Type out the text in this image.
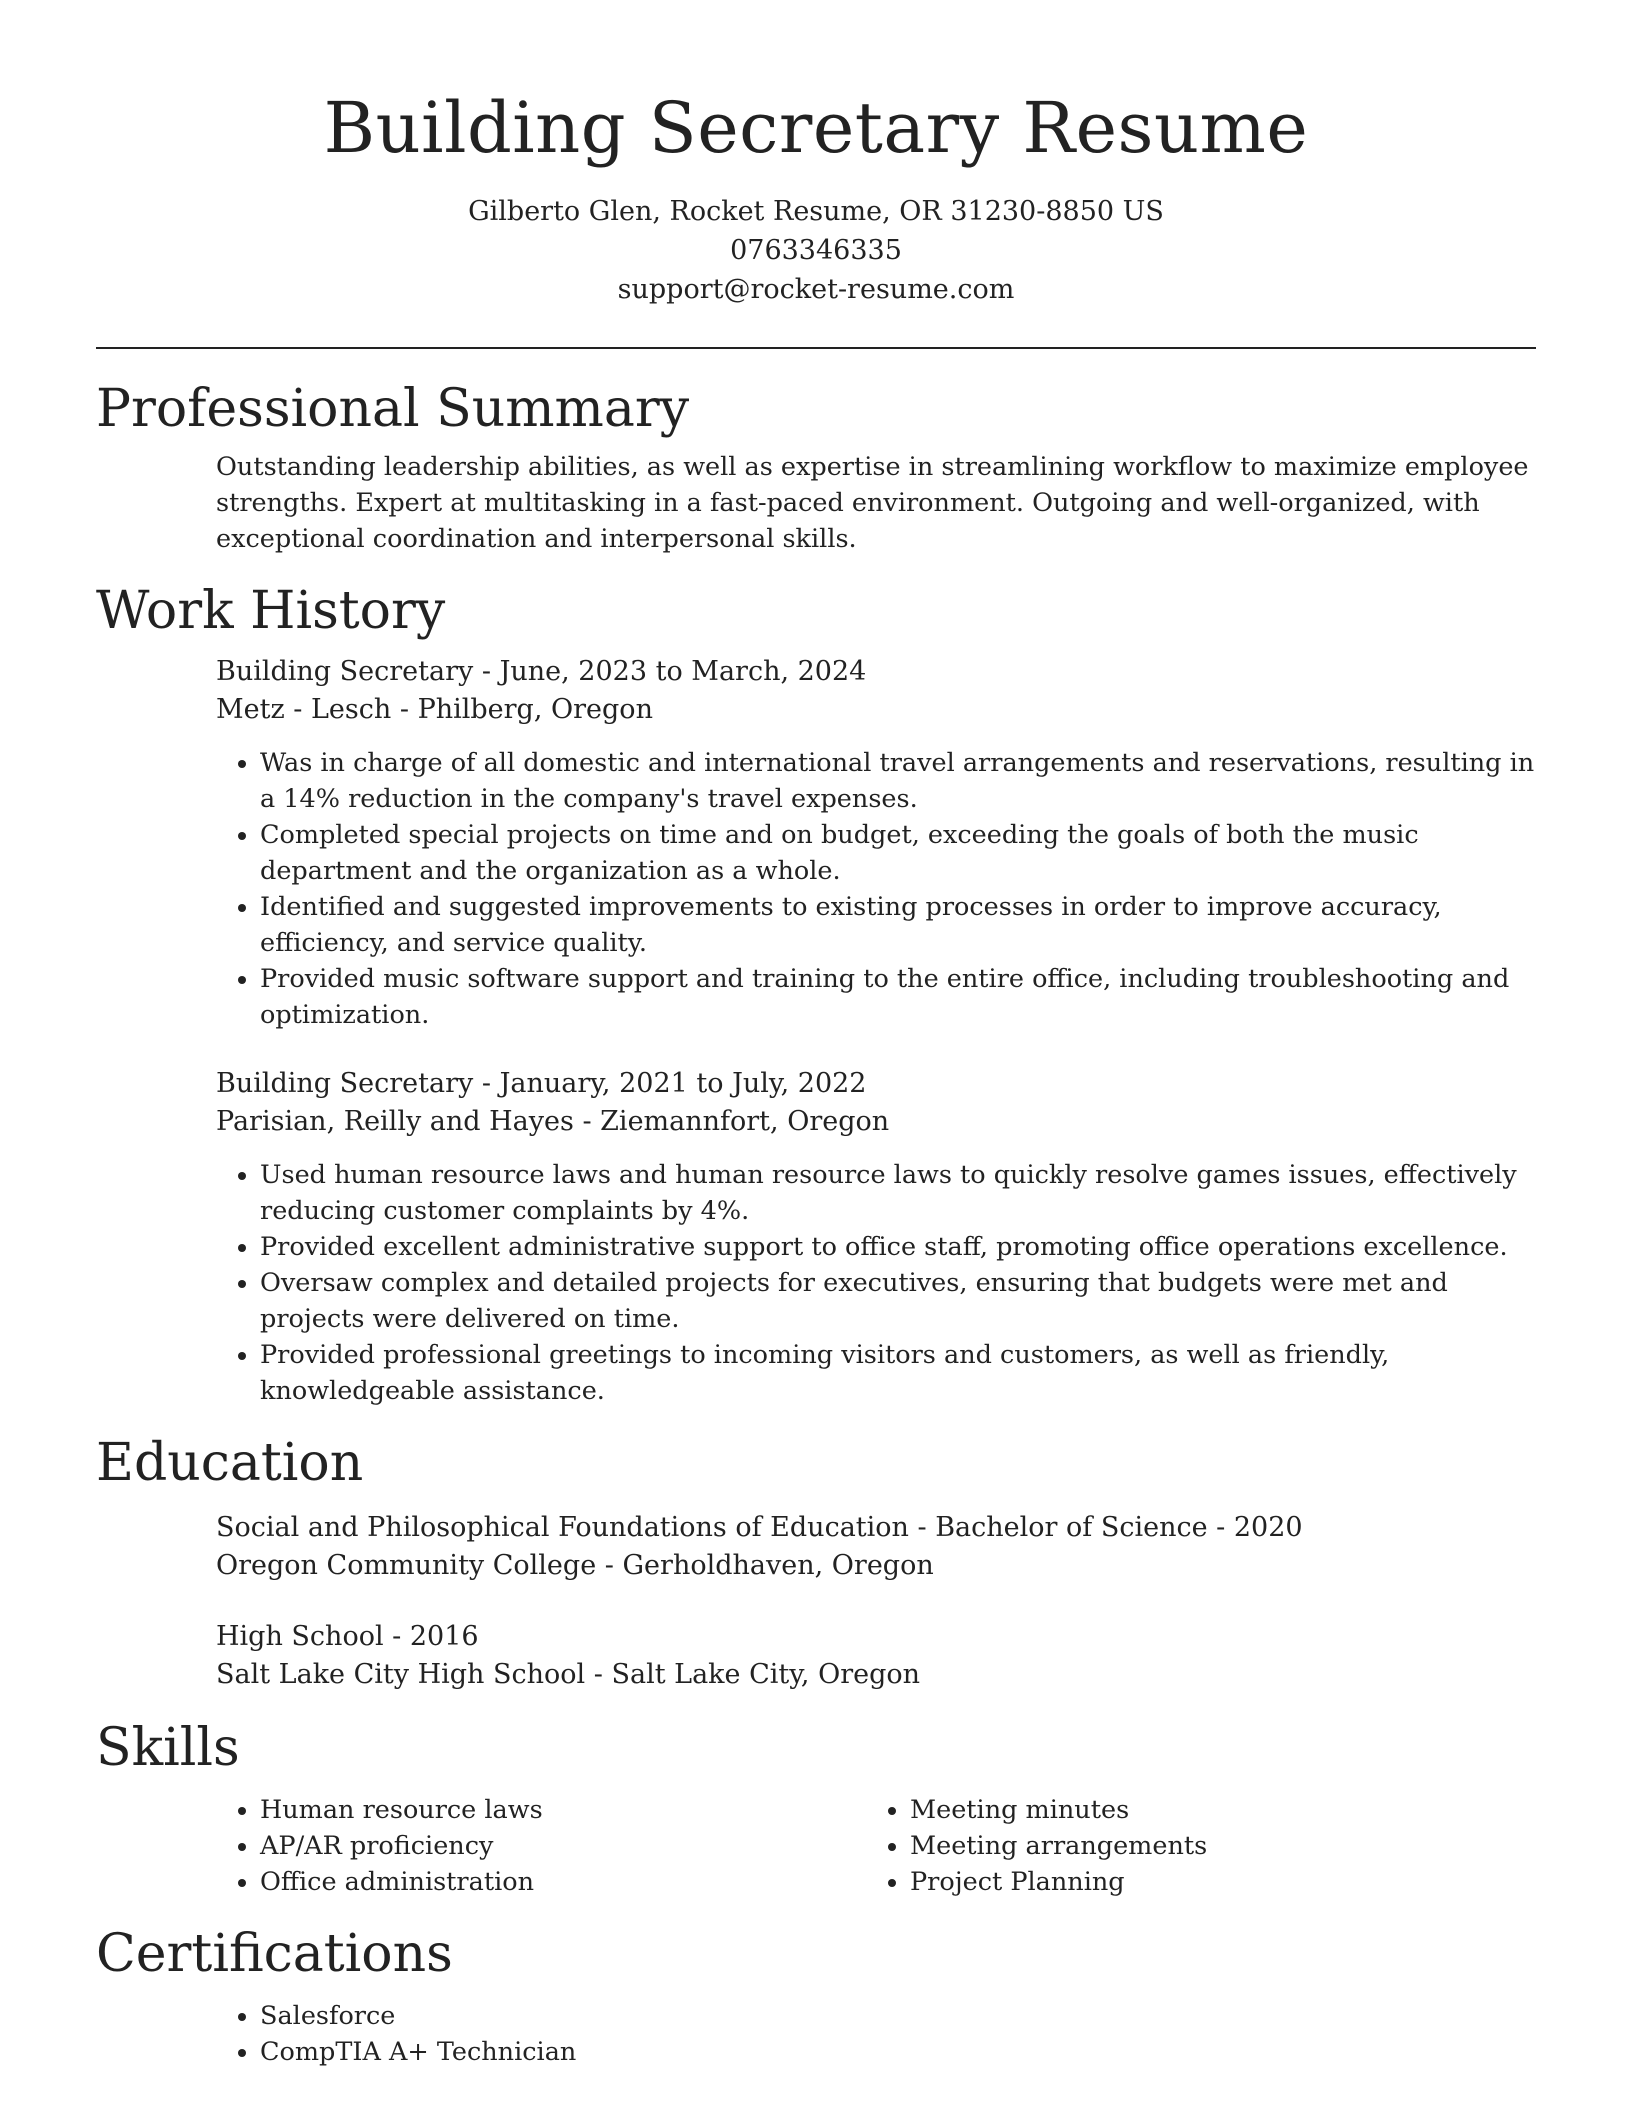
Building Secretary Resume
Gilberto Glen, Rocket Resume, OR 31230-8850 US
0763346335
support@rocket-resume.com
Professional Summary
Outstanding leadership abilities, as well as expertise in streamlining workflow to maximize employee strengths. Expert at multitasking in a fast-paced environment. Outgoing and well-organized, with exceptional coordination and interpersonal skills.
Work History
Building Secretary - June, 2023 to March, 2024
Metz - Lesch - Philberg, Oregon
• Was in charge of all domestic and international travel arrangements and reservations, resulting in a 14% reduction in the company's travel expenses.
• Completed special projects on time and on budget, exceeding the goals of both the music department and the organization as a whole.
• Identified and suggested improvements to existing processes in order to improve accuracy, efficiency, and service quality.
• Provided music software support and training to the entire office, including troubleshooting and optimization.
Building Secretary - January, 2021 to July, 2022
Parisian, Reilly and Hayes - Ziemannfort, Oregon
• Used human resource laws and human resource laws to quickly resolve games issues, effectively reducing customer complaints by 4%.
• Provided excellent administrative support to office staff, promoting office operations excellence.
• Oversaw complex and detailed projects for executives, ensuring that budgets were met and projects were delivered on time.
• Provided professional greetings to incoming visitors and customers, as well as friendly, knowledgeable assistance.
Education
Social and Philosophical Foundations of Education - Bachelor of Science - 2020
Oregon Community College - Gerholdhaven, Oregon
High School - 2016
Salt Lake City High School - Salt Lake City, Oregon
Skills
• Human resource laws
• AP/AR proficiency
• Office administration
• Meeting minutes
• Meeting arrangements
• Project Planning
Certifications
• Salesforce
• CompTIA A+ Technician
